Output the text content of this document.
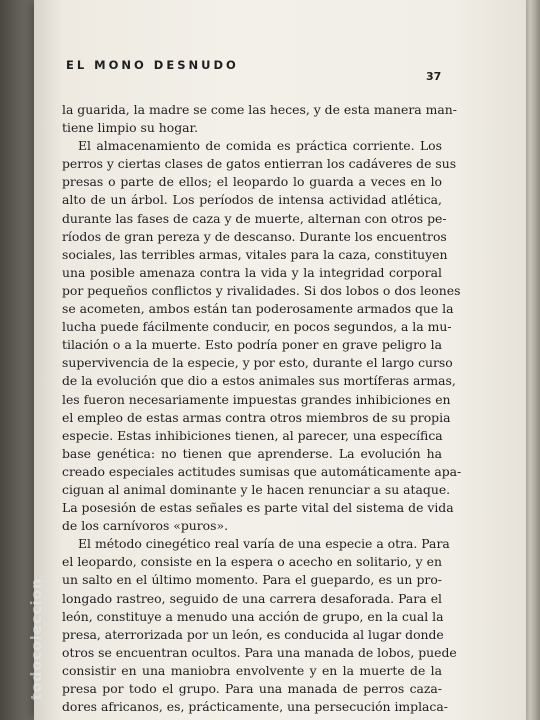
EL MONO DESNUDO
37
la guarida, la madre se come las heces, y de esta manera man-
tiene limpio su hogar.
El almacenamiento de comida es práctica corriente. Los
perros y ciertas clases de gatos entierran los cadáveres de sus
presas o parte de ellos; el leopardo lo guarda a veces en lo
alto de un árbol. Los períodos de intensa actividad atlética,
durante las fases de caza y de muerte, alternan con otros pe-
ríodos de gran pereza y de descanso. Durante los encuentros
sociales, las terribles armas, vitales para la caza, constituyen
una posible amenaza contra la vida y la integridad corporal
por pequeños conflictos y rivalidades. Si dos lobos o dos leones
se acometen, ambos están tan poderosamente armados que la
lucha puede fácilmente conducir, en pocos segundos, a la mu-
tilación o a la muerte. Esto podría poner en grave peligro la
supervivencia de la especie, y por esto, durante el largo curso
de la evolución que dio a estos animales sus mortíferas armas,
les fueron necesariamente impuestas grandes inhibiciones en
el empleo de estas armas contra otros miembros de su propia
especie. Estas inhibiciones tienen, al parecer, una específica
base genética: no tienen que aprenderse. La evolución ha
creado especiales actitudes sumisas que automáticamente apa-
ciguan al animal dominante y le hacen renunciar a su ataque.
La posesión de estas señales es parte vital del sistema de vida
de los carnívoros «puros».
El método cinegético real varía de una especie a otra. Para
el leopardo, consiste en la espera o acecho en solitario, y en
un salto en el último momento. Para el guepardo, es un pro-
longado rastreo, seguido de una carrera desaforada. Para el
león, constituye a menudo una acción de grupo, en la cual la
presa, aterrorizada por un león, es conducida al lugar donde
otros se encuentran ocultos. Para una manada de lobos, puede
consistir en una maniobra envolvente y en la muerte de la
presa por todo el grupo. Para una manada de perros caza-
dores africanos, es, prácticamente, una persecución implaca-
todocoleccion
